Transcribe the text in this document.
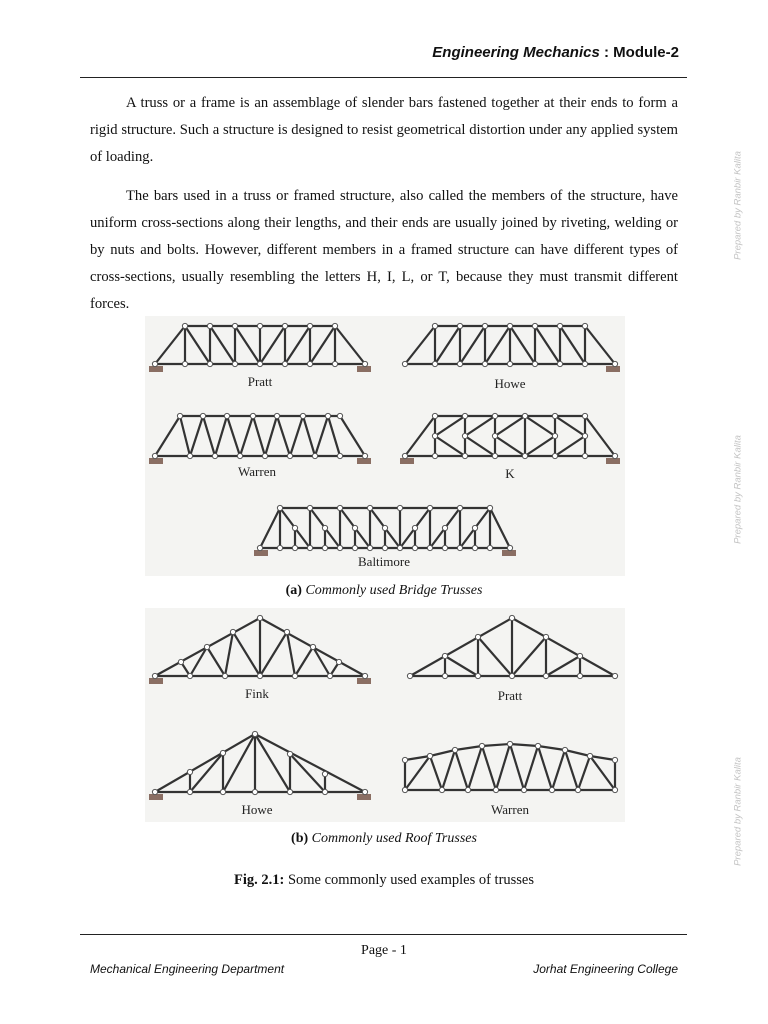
Engineering Mechanics : Module-2
Prepared by Ranbir Kalita
Prepared by Ranbir Kalita
Prepared by Ranbir Kalita

A truss or a frame is an assemblage of slender bars fastened together at their ends to form a rigid structure. Such a structure is designed to resist geometrical distortion under any applied system of loading.

The bars used in a truss or framed structure, also called the members of the structure, have uniform cross-sections along their lengths, and their ends are usually joined by riveting, welding or by nuts and bolts. However, different members in a framed structure can have different types of cross-sections, usually resembling the letters H, I, L, or T, because they must transmit different forces.

Pratt	Howe
Warren	K
Baltimore
(a) Commonly used Bridge Trusses
Fink	Pratt
Howe	Warren
(b) Commonly used Roof Trusses
Fig. 2.1: Some commonly used examples of trusses
Page - 1
Mechanical Engineering Department	Jorhat Engineering College
